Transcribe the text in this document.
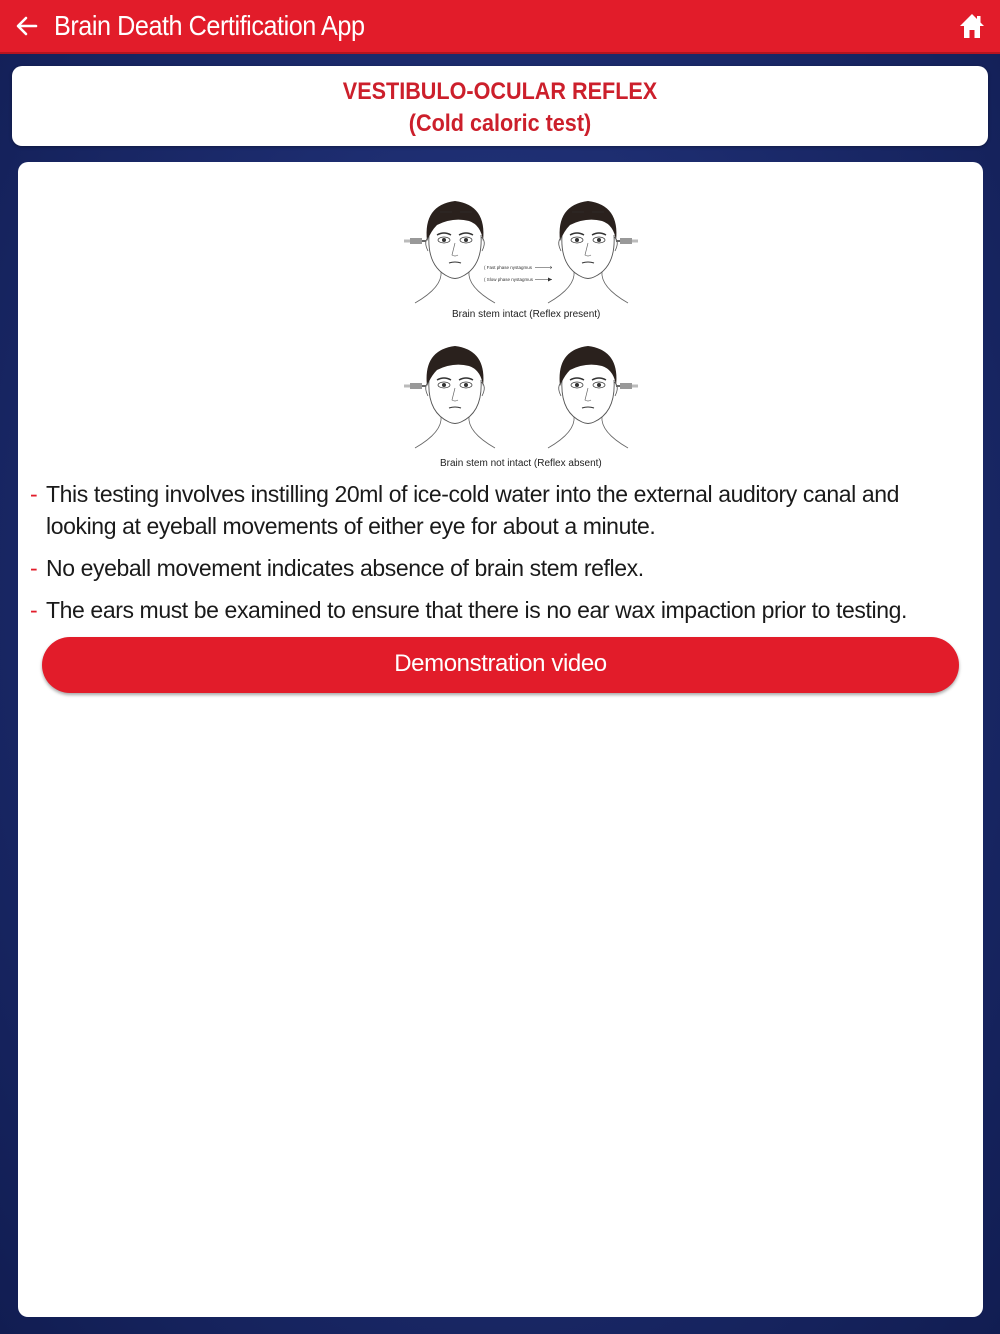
Brain Death Certification App
VESTIBULO-OCULAR REFLEX
(Cold caloric test)
( Fast phase nystagmus
( Slow phase nystagmus
Brain stem intact (Reflex present)
Brain stem not intact (Reflex absent)
- This testing involves instilling 20ml of ice-cold water into the external auditory canal and looking at eyeball movements of either eye for about a minute.
- No eyeball movement indicates absence of brain stem reflex.
- The ears must be examined to ensure that there is no ear wax impaction prior to testing.
Demonstration video
